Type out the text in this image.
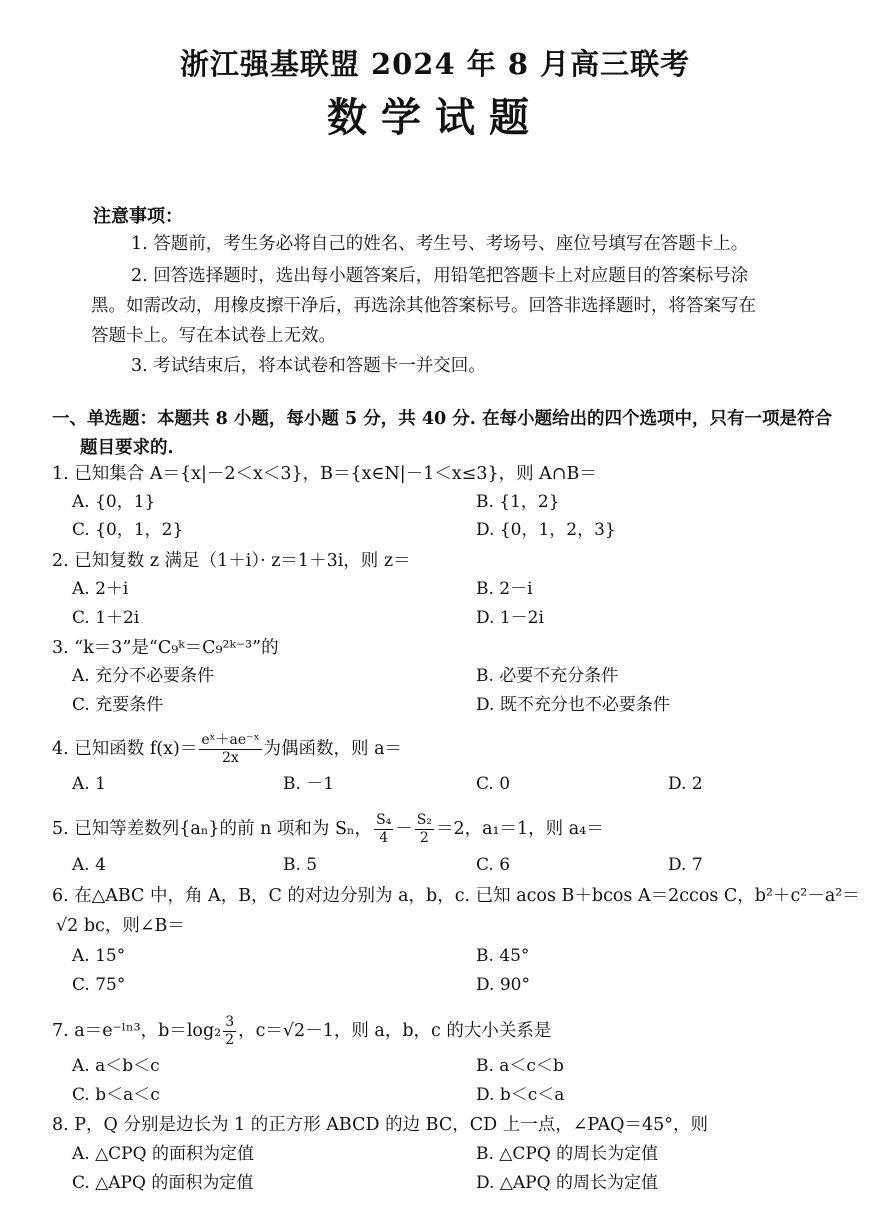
浙江强基联盟 2024 年 8 月高三联考
数学试题
注意事项：
1. 答题前，考生务必将自己的姓名、考生号、考场号、座位号填写在答题卡上。
2. 回答选择题时，选出每小题答案后，用铅笔把答题卡上对应题目的答案标号涂
黑。如需改动，用橡皮擦干净后，再选涂其他答案标号。回答非选择题时，将答案写在
答题卡上。写在本试卷上无效。
3. 考试结束后，将本试卷和答题卡一并交回。
一、单选题：本题共 8 小题，每小题 5 分，共 40 分. 在每小题给出的四个选项中，只有一项是符合
题目要求的.
1. 已知集合 A＝{x|－2＜x＜3}，B＝{x∈N|－1＜x≤3}，则 A∩B＝
A. {0，1}	B. {1，2}
C. {0，1，2}	D. {0，1，2，3}
2. 已知复数 z 满足（1＋i）· z＝1＋3i，则 z＝
A. 2＋i	B. 2－i
C. 1＋2i	D. 1－2i
3. “k＝3”是“C₉ᵏ＝C₉²ᵏ⁻³”的
A. 充分不必要条件	B. 必要不充分条件
C. 充要条件	D. 既不充分也不必要条件
4. 已知函数 $f(x)= \frac{\text{eˣ＋ae⁻ˣ}}{2x}$ 为偶函数，则 a＝
A. 1	B. －1	C. 0	D. 2
5. 已知等差数列{aₙ}的前 n 项和为 Sₙ， $\frac{\text{S₄}}{4} - \frac{\text{S₂}}{2} =2$，a₁＝1，则 a₄＝
A. 4	B. 5	C. 6	D. 7
6. 在△ABC 中，角 A，B，C 的对边分别为 a，b，c. 已知 acos B＋bcos A＝2ccos C，b²＋c²－a²＝
√2 bc，则∠B＝
A. 15°	B. 45°
C. 75°	D. 90°
7. a＝e⁻ˡⁿ³，$b=\log_2 \frac{3}{2}$ ，c＝√2－1，则 a，b，c 的大小关系是
A. a＜b＜c	B. a＜c＜b
C. b＜a＜c	D. b＜c＜a
8. P，Q 分别是边长为 1 的正方形 ABCD 的边 BC，CD 上一点，∠PAQ＝45°，则
A. △CPQ 的面积为定值	B. △CPQ 的周长为定值
C. △APQ 的面积为定值	D. △APQ 的周长为定值
